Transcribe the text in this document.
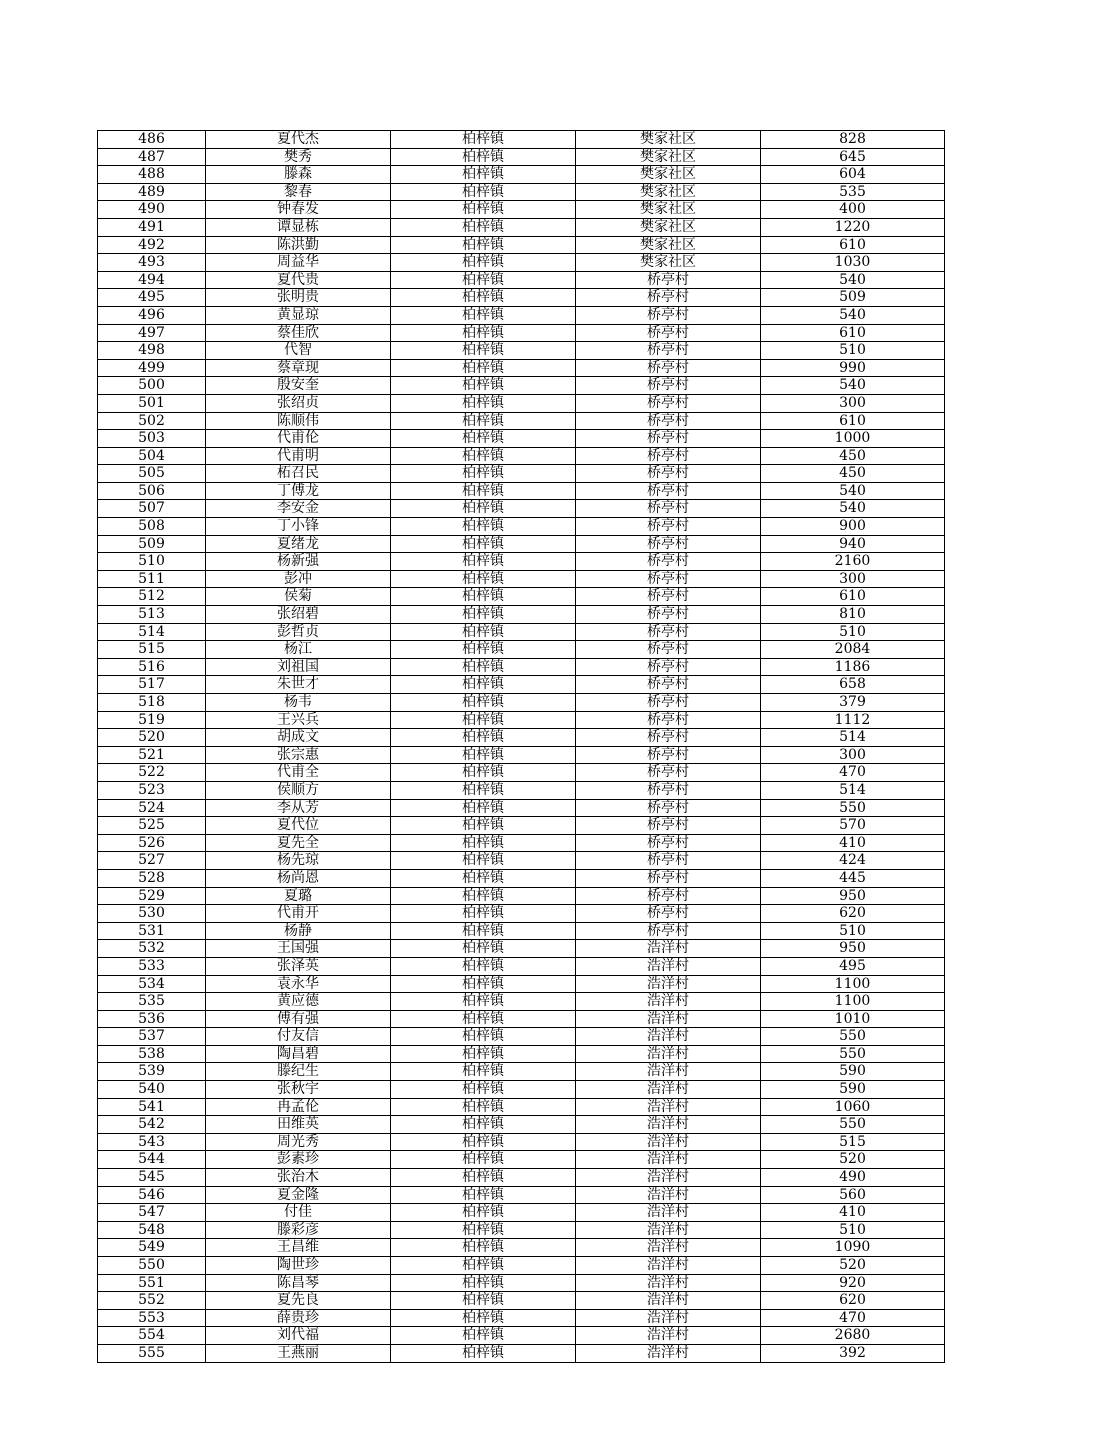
486	夏代杰	柏梓镇	樊家社区	828
487	樊秀	柏梓镇	樊家社区	645
488	滕森	柏梓镇	樊家社区	604
489	黎春	柏梓镇	樊家社区	535
490	钟春发	柏梓镇	樊家社区	400
491	谭显栋	柏梓镇	樊家社区	1220
492	陈洪勤	柏梓镇	樊家社区	610
493	周益华	柏梓镇	樊家社区	1030
494	夏代贵	柏梓镇	桥亭村	540
495	张明贵	柏梓镇	桥亭村	509
496	黄显琼	柏梓镇	桥亭村	540
497	蔡佳欣	柏梓镇	桥亭村	610
498	代智	柏梓镇	桥亭村	510
499	蔡章现	柏梓镇	桥亭村	990
500	殷安奎	柏梓镇	桥亭村	540
501	张绍贞	柏梓镇	桥亭村	300
502	陈顺伟	柏梓镇	桥亭村	610
503	代甫伦	柏梓镇	桥亭村	1000
504	代甫明	柏梓镇	桥亭村	450
505	柘召民	柏梓镇	桥亭村	450
506	丁傅龙	柏梓镇	桥亭村	540
507	李安金	柏梓镇	桥亭村	540
508	丁小锋	柏梓镇	桥亭村	900
509	夏绪龙	柏梓镇	桥亭村	940
510	杨新强	柏梓镇	桥亭村	2160
511	彭冲	柏梓镇	桥亭村	300
512	侯菊	柏梓镇	桥亭村	610
513	张绍碧	柏梓镇	桥亭村	810
514	彭哲贞	柏梓镇	桥亭村	510
515	杨江	柏梓镇	桥亭村	2084
516	刘祖国	柏梓镇	桥亭村	1186
517	朱世才	柏梓镇	桥亭村	658
518	杨韦	柏梓镇	桥亭村	379
519	王兴兵	柏梓镇	桥亭村	1112
520	胡成文	柏梓镇	桥亭村	514
521	张宗惠	柏梓镇	桥亭村	300
522	代甫全	柏梓镇	桥亭村	470
523	侯顺方	柏梓镇	桥亭村	514
524	李从芳	柏梓镇	桥亭村	550
525	夏代位	柏梓镇	桥亭村	570
526	夏先全	柏梓镇	桥亭村	410
527	杨先琼	柏梓镇	桥亭村	424
528	杨尚恩	柏梓镇	桥亭村	445
529	夏璐	柏梓镇	桥亭村	950
530	代甫开	柏梓镇	桥亭村	620
531	杨静	柏梓镇	桥亭村	510
532	王国强	柏梓镇	浩洋村	950
533	张泽英	柏梓镇	浩洋村	495
534	袁永华	柏梓镇	浩洋村	1100
535	黄应德	柏梓镇	浩洋村	1100
536	傅有强	柏梓镇	浩洋村	1010
537	付友信	柏梓镇	浩洋村	550
538	陶昌碧	柏梓镇	浩洋村	550
539	滕纪生	柏梓镇	浩洋村	590
540	张秋宇	柏梓镇	浩洋村	590
541	冉孟伦	柏梓镇	浩洋村	1060
542	田维英	柏梓镇	浩洋村	550
543	周光秀	柏梓镇	浩洋村	515
544	彭素珍	柏梓镇	浩洋村	520
545	张治木	柏梓镇	浩洋村	490
546	夏金隆	柏梓镇	浩洋村	560
547	付佳	柏梓镇	浩洋村	410
548	滕彩彦	柏梓镇	浩洋村	510
549	王昌维	柏梓镇	浩洋村	1090
550	陶世珍	柏梓镇	浩洋村	520
551	陈昌琴	柏梓镇	浩洋村	920
552	夏先良	柏梓镇	浩洋村	620
553	薛贵珍	柏梓镇	浩洋村	470
554	刘代福	柏梓镇	浩洋村	2680
555	王燕丽	柏梓镇	浩洋村	392
